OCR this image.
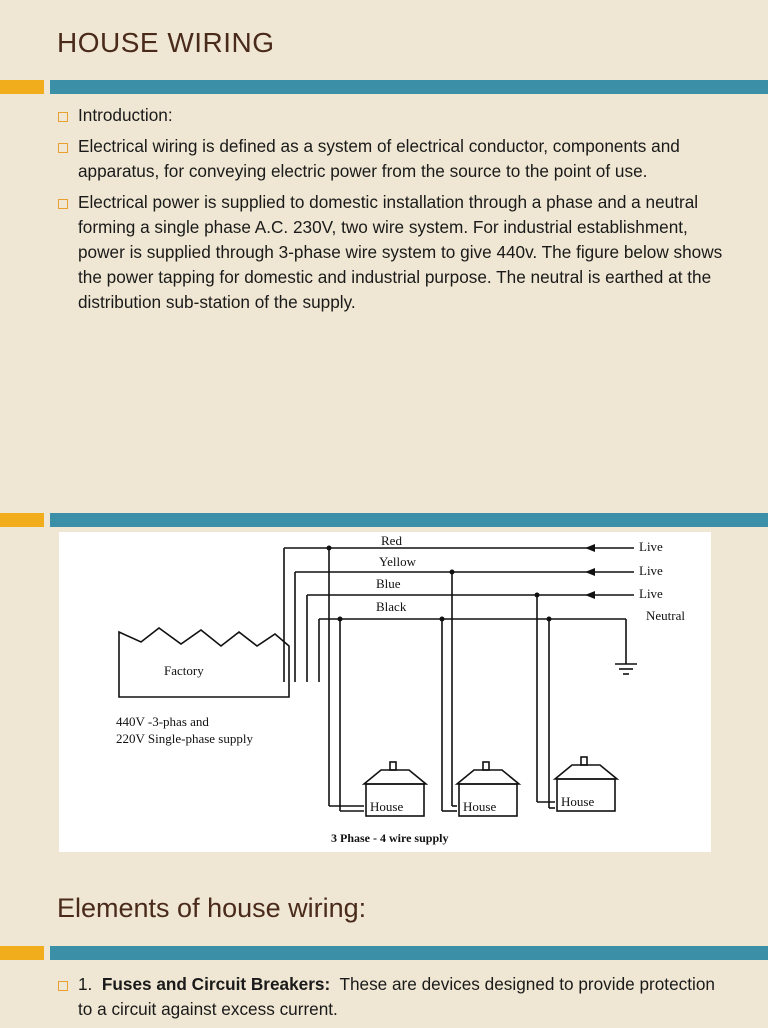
HOUSE WIRING
Introduction:
Electrical wiring is defined as a system of electrical conductor, components and apparatus, for conveying electric power from the source to the point of use.
Electrical power is supplied to domestic installation through a phase and a neutral forming a single phase A.C. 230V, two wire system. For industrial establishment, power is supplied through 3-phase wire system to give 440v. The figure below shows the power tapping for domestic and industrial purpose. The neutral is earthed at the distribution sub-station of the supply.
Red
Yellow
Blue
Black
Live
Live
Live
Neutral
Factory
440V -3-phas and
220V Single-phase supply
House	House	House
3 Phase - 4 wire supply
Elements of house wiring:
1. Fuses and Circuit Breakers: These are devices designed to provide protection to a circuit against excess current.
